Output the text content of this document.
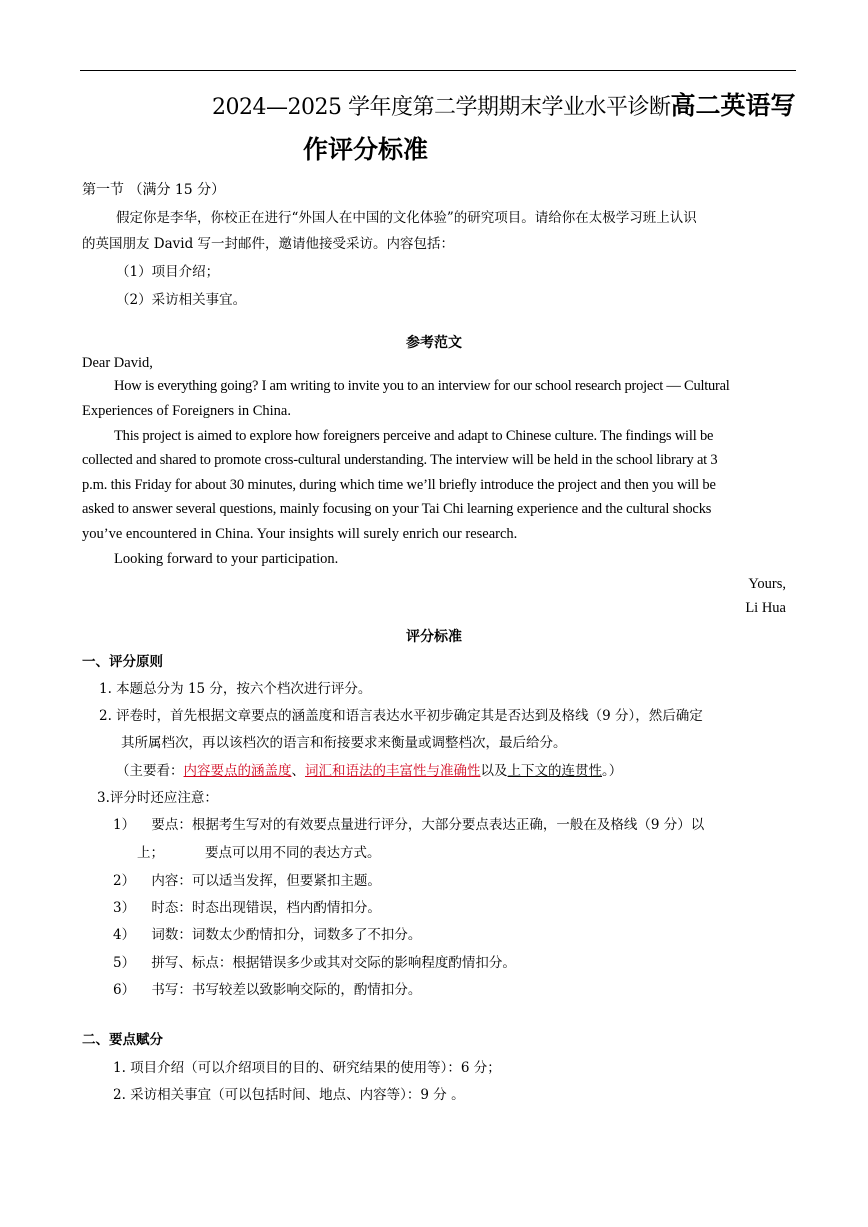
2024—2025 学年度第二学期期末学业水平诊断高二英语写
作评分标准
第一节 （满分 15 分）
假定你是李华，你校正在进行“外国人在中国的文化体验”的研究项目。请给你在太极学习班上认识
的英国朋友 David 写一封邮件，邀请他接受采访。内容包括：
（1）项目介绍；
（2）采访相关事宜。
参考范文
Dear David,
How is everything going? I am writing to invite you to an interview for our school research project — Cultural
Experiences of Foreigners in China.
This project is aimed to explore how foreigners perceive and adapt to Chinese culture. The findings will be
collected and shared to promote cross-cultural understanding. The interview will be held in the school library at 3
p.m. this Friday for about 30 minutes, during which time we’ll briefly introduce the project and then you will be
asked to answer several questions, mainly focusing on your Tai Chi learning experience and the cultural shocks
you’ve encountered in China. Your insights will surely enrich our research.
Looking forward to your participation.
Yours,
Li Hua
评分标准
一、评分原则
1. 本题总分为 15 分，按六个档次进行评分。
2. 评卷时，首先根据文章要点的涵盖度和语言表达水平初步确定其是否达到及格线（9 分），然后确定
其所属档次，再以该档次的语言和衔接要求来衡量或调整档次，最后给分。
（主要看：内容要点的涵盖度、词汇和语法的丰富性与准确性以及上下文的连贯性。）
3.评分时还应注意：
1） 要点：根据考生写对的有效要点量进行评分，大部分要点表达正确，一般在及格线（9 分）以
上；	要点可以用不同的表达方式。
2） 内容：可以适当发挥，但要紧扣主题。
3） 时态：时态出现错误，档内酌情扣分。
4） 词数：词数太少酌情扣分，词数多了不扣分。
5） 拼写、标点：根据错误多少或其对交际的影响程度酌情扣分。
6） 书写：书写较差以致影响交际的，酌情扣分。
二、要点赋分
1. 项目介绍（可以介绍项目的目的、研究结果的使用等）：6 分；
2. 采访相关事宜（可以包括时间、地点、内容等）：9 分 。
